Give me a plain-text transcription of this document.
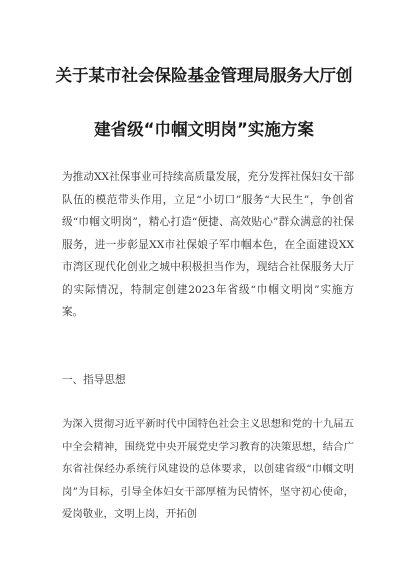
关于某市社会保险基金管理局服务大厅创
建省级“巾帼文明岗”实施方案

为推动XX社保事业可持续高质量发展，充分发挥社保妇女干部队伍的模范带头作用，立足“小切口”服务“大民生”，争创省级“巾帼文明岗”，精心打造“便捷、高效贴心”群众满意的社保服务，进一步彰显XX市社保娘子军巾帼本色，在全面建设XX市湾区现代化创业之城中积极担当作为，现结合社保服务大厅的实际情况，特制定创建2023年省级“巾帼文明岗”实施方案。

一、指导思想

为深入贯彻习近平新时代中国特色社会主义思想和党的十九届五中全会精神，围绕党中央开展党史学习教育的决策思想，结合广东省社保经办系统行风建设的总体要求，以创建省级“巾帼文明岗”为目标，引导全体妇女干部厚植为民情怀，坚守初心使命，爱岗敬业，文明上岗，开拓创
